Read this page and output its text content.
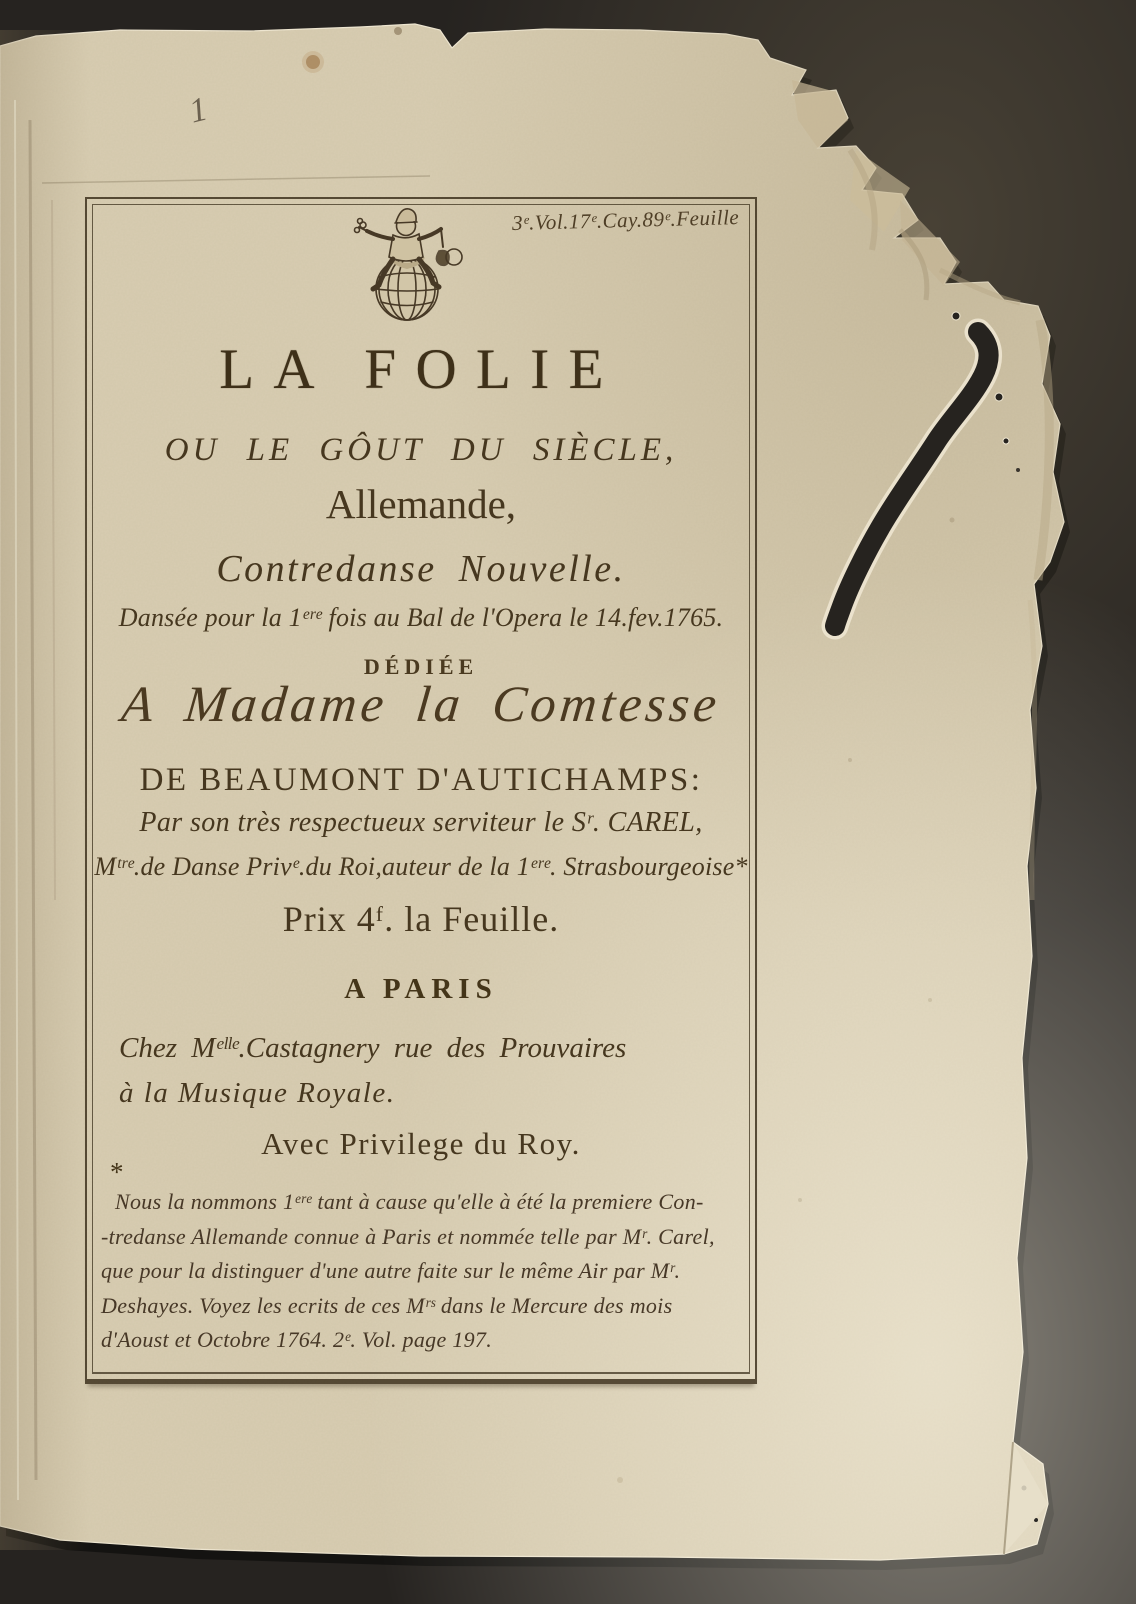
1
3ᵉ.Vol.17ᵉ.Cay.89ᵉ.Feuille
LA FOLIE
OU LE GÔUT DU SIÈCLE,
Allemande,
Contredanse Nouvelle.
Dansée pour la 1ᵉʳᵉ fois au Bal de l'Opera le 14.fev.1765.
DÉDIÉE
A Madame la Comtesse
DE BEAUMONT D'AUTICHAMPS:
Par son très respectueux serviteur le Sʳ. CAREL,
Mᵗʳᵉ.de Danse Privᵉ.du Roi,auteur de la 1ᵉʳᵉ. Strasbourgeoise*
Prix 4ᶠ. la Feuille.
A PARIS
Chez Mᵉˡˡᵉ.Castagnery rue des Prouvaires
à la Musique Royale.
Avec Privilege du Roy.
*
Nous la nommons 1ᵉʳᵉ tant à cause qu'elle à été la premiere Con-
-tredanse Allemande connue à Paris et nommée telle par Mʳ. Carel,
que pour la distinguer d'une autre faite sur le même Air par Mʳ.
Deshayes. Voyez les ecrits de ces Mʳˢ dans le Mercure des mois
d'Aoust et Octobre 1764. 2ᵉ. Vol. page 197.
